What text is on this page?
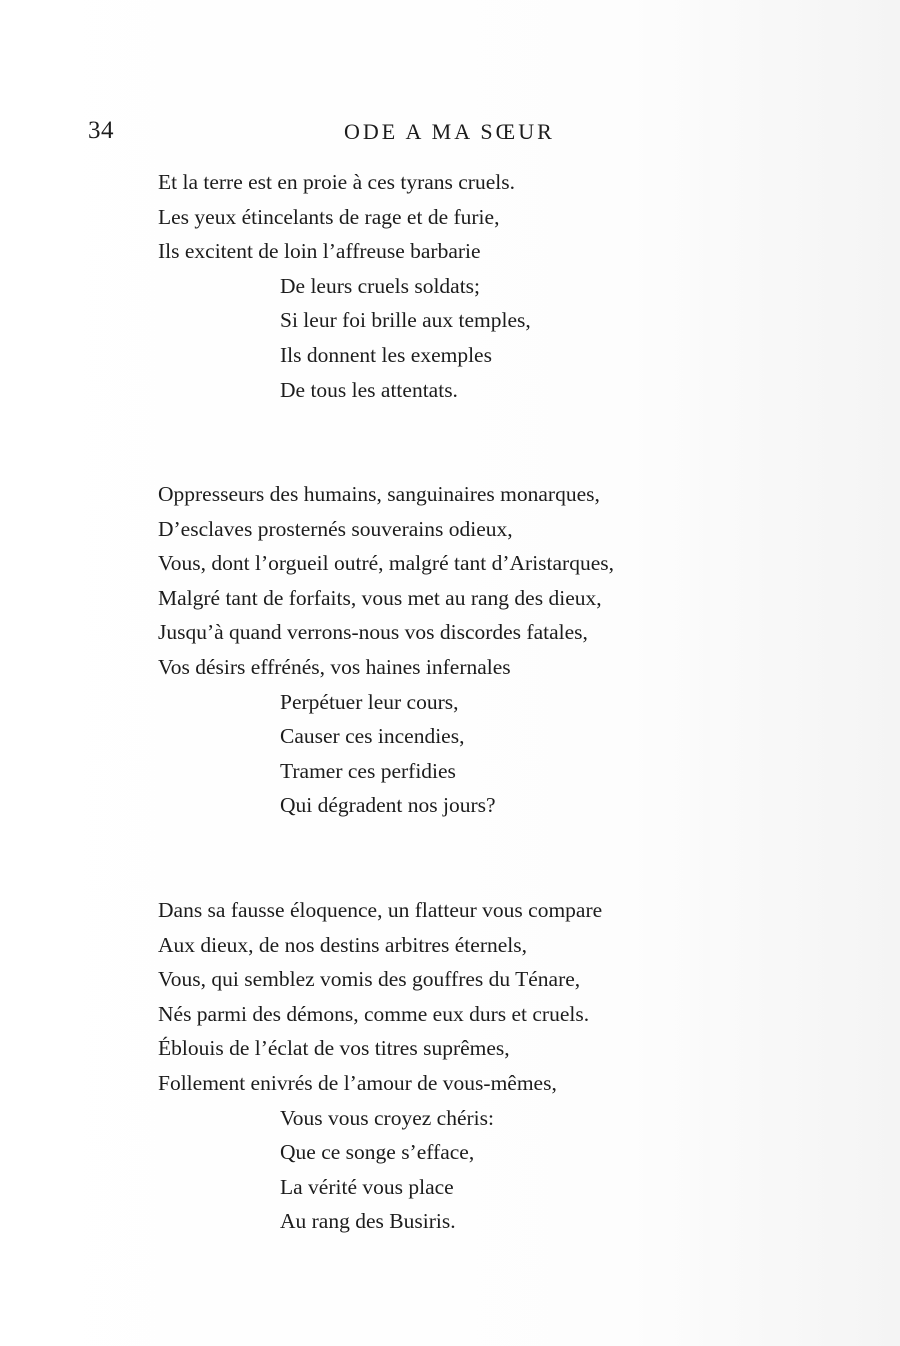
34	ODE A MA SŒUR
Et la terre est en proie à ces tyrans cruels.
Les yeux étincelants de rage et de furie,
Ils excitent de loin l’affreuse barbarie
De leurs cruels soldats;
Si leur foi brille aux temples,
Ils donnent les exemples
De tous les attentats.
Oppresseurs des humains, sanguinaires monarques,
D’esclaves prosternés souverains odieux,
Vous, dont l’orgueil outré, malgré tant d’Aristarques,
Malgré tant de forfaits, vous met au rang des dieux,
Jusqu’à quand verrons-nous vos discordes fatales,
Vos désirs effrénés, vos haines infernales
Perpétuer leur cours,
Causer ces incendies,
Tramer ces perfidies
Qui dégradent nos jours?
Dans sa fausse éloquence, un flatteur vous compare
Aux dieux, de nos destins arbitres éternels,
Vous, qui semblez vomis des gouffres du Ténare,
Nés parmi des démons, comme eux durs et cruels.
Éblouis de l’éclat de vos titres suprêmes,
Follement enivrés de l’amour de vous-mêmes,
Vous vous croyez chéris:
Que ce songe s’efface,
La vérité vous place
Au rang des Busiris.
